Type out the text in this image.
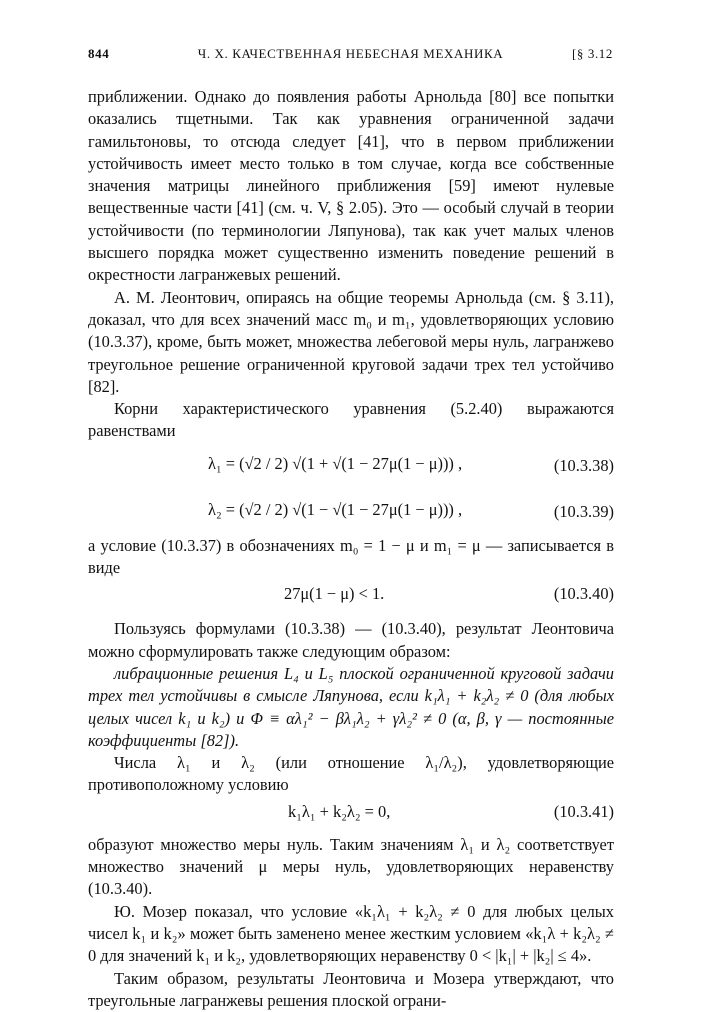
844	Ч. X. КАЧЕСТВЕННАЯ НЕБЕСНАЯ МЕХАНИКА	[§ 3.12

приближении. Однако до появления работы Арнольда [80] все попытки оказались тщетными. Так как уравнения ограниченной задачи гамильтоновы, то отсюда следует [41], что в первом приближении устойчивость имеет место только в том случае, когда все собственные значения матрицы линейного приближения [59] имеют нулевые вещественные части [41] (см. ч. V, § 2.05). Это — особый случай в теории устойчивости (по терминологии Ляпунова), так как учет малых членов высшего порядка может существенно изменить поведение решений в окрестности лагранжевых решений.

А. М. Леонтович, опираясь на общие теоремы Арнольда (см. § 3.11), доказал, что для всех значений масс m₀ и m₁, удовлетворяющих условию (10.3.37), кроме, быть может, множества лебеговой меры нуль, лагранжево треугольное решение ограниченной круговой задачи трех тел устойчиво [82].

Корни характеристического уравнения (5.2.40) выражаются равенствами

λ₁ = (√2 / 2) √(1 + √(1 − 27μ(1 − μ))) ,	(10.3.38)
λ₂ = (√2 / 2) √(1 − √(1 − 27μ(1 − μ))) ,	(10.3.39)

а условие (10.3.37) в обозначениях m₀ = 1 − μ и m₁ = μ — записывается в виде

27μ(1 − μ) < 1.	(10.3.40)

Пользуясь формулами (10.3.38) — (10.3.40), результат Леонтовича можно сформулировать также следующим образом:

либрационные решения L₄ и L₅ плоской ограниченной круговой задачи трех тел устойчивы в смысле Ляпунова, если k₁λ₁ + k₂λ₂ ≠ 0 (для любых целых чисел k₁ и k₂) и Φ ≡ αλ₁² − βλ₁λ₂ + γλ₂² ≠ 0 (α, β, γ — постоянные коэффициенты [82]).

Числа λ₁ и λ₂ (или отношение λ₁/λ₂), удовлетворяющие противоположному условию

k₁λ₁ + k₂λ₂ = 0,	(10.3.41)

образуют множество меры нуль. Таким значениям λ₁ и λ₂ соответствует множество значений μ меры нуль, удовлетворяющих неравенству (10.3.40).

Ю. Мозер показал, что условие «k₁λ₁ + k₂λ₂ ≠ 0 для любых целых чисел k₁ и k₂» может быть заменено менее жестким условием «k₁λ + k₂λ₂ ≠ 0 для значений k₁ и k₂, удовлетворяющих неравенству 0 < |k₁| + |k₂| ≤ 4».

Таким образом, результаты Леонтовича и Мозера утверждают, что треугольные лагранжевы решения плоской ограни-
